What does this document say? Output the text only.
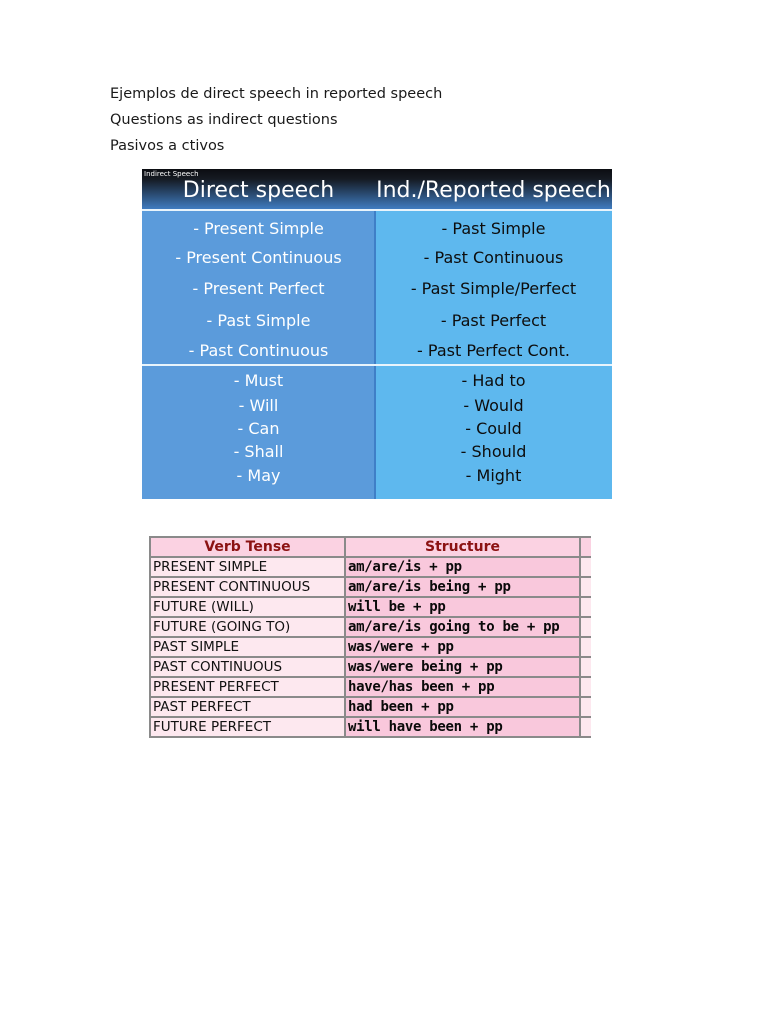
Ejemplos de direct speech in reported speech
Questions as indirect questions
Pasivos a ctivos
Indirect Speech
Direct speech	Ind./Reported speech
- Present Simple	- Past Simple
- Present Continuous	- Past Continuous
- Present Perfect	- Past Simple/Perfect
- Past Simple	- Past Perfect
- Past Continuous	- Past Perfect Cont.
- Must	- Had to
- Will	- Would
- Can	- Could
- Shall	- Should
- May	- Might
Verb Tense	Structure	
PRESENT SIMPLE	am/are/is + pp	
PRESENT CONTINUOUS	am/are/is being + pp	
FUTURE (WILL)	will be + pp	
FUTURE (GOING TO)	am/are/is going to be + pp	
PAST SIMPLE	was/were + pp	
PAST CONTINUOUS	was/were being + pp	
PRESENT PERFECT	have/has been + pp	
PAST PERFECT	had been + pp	
FUTURE PERFECT	will have been + pp	
